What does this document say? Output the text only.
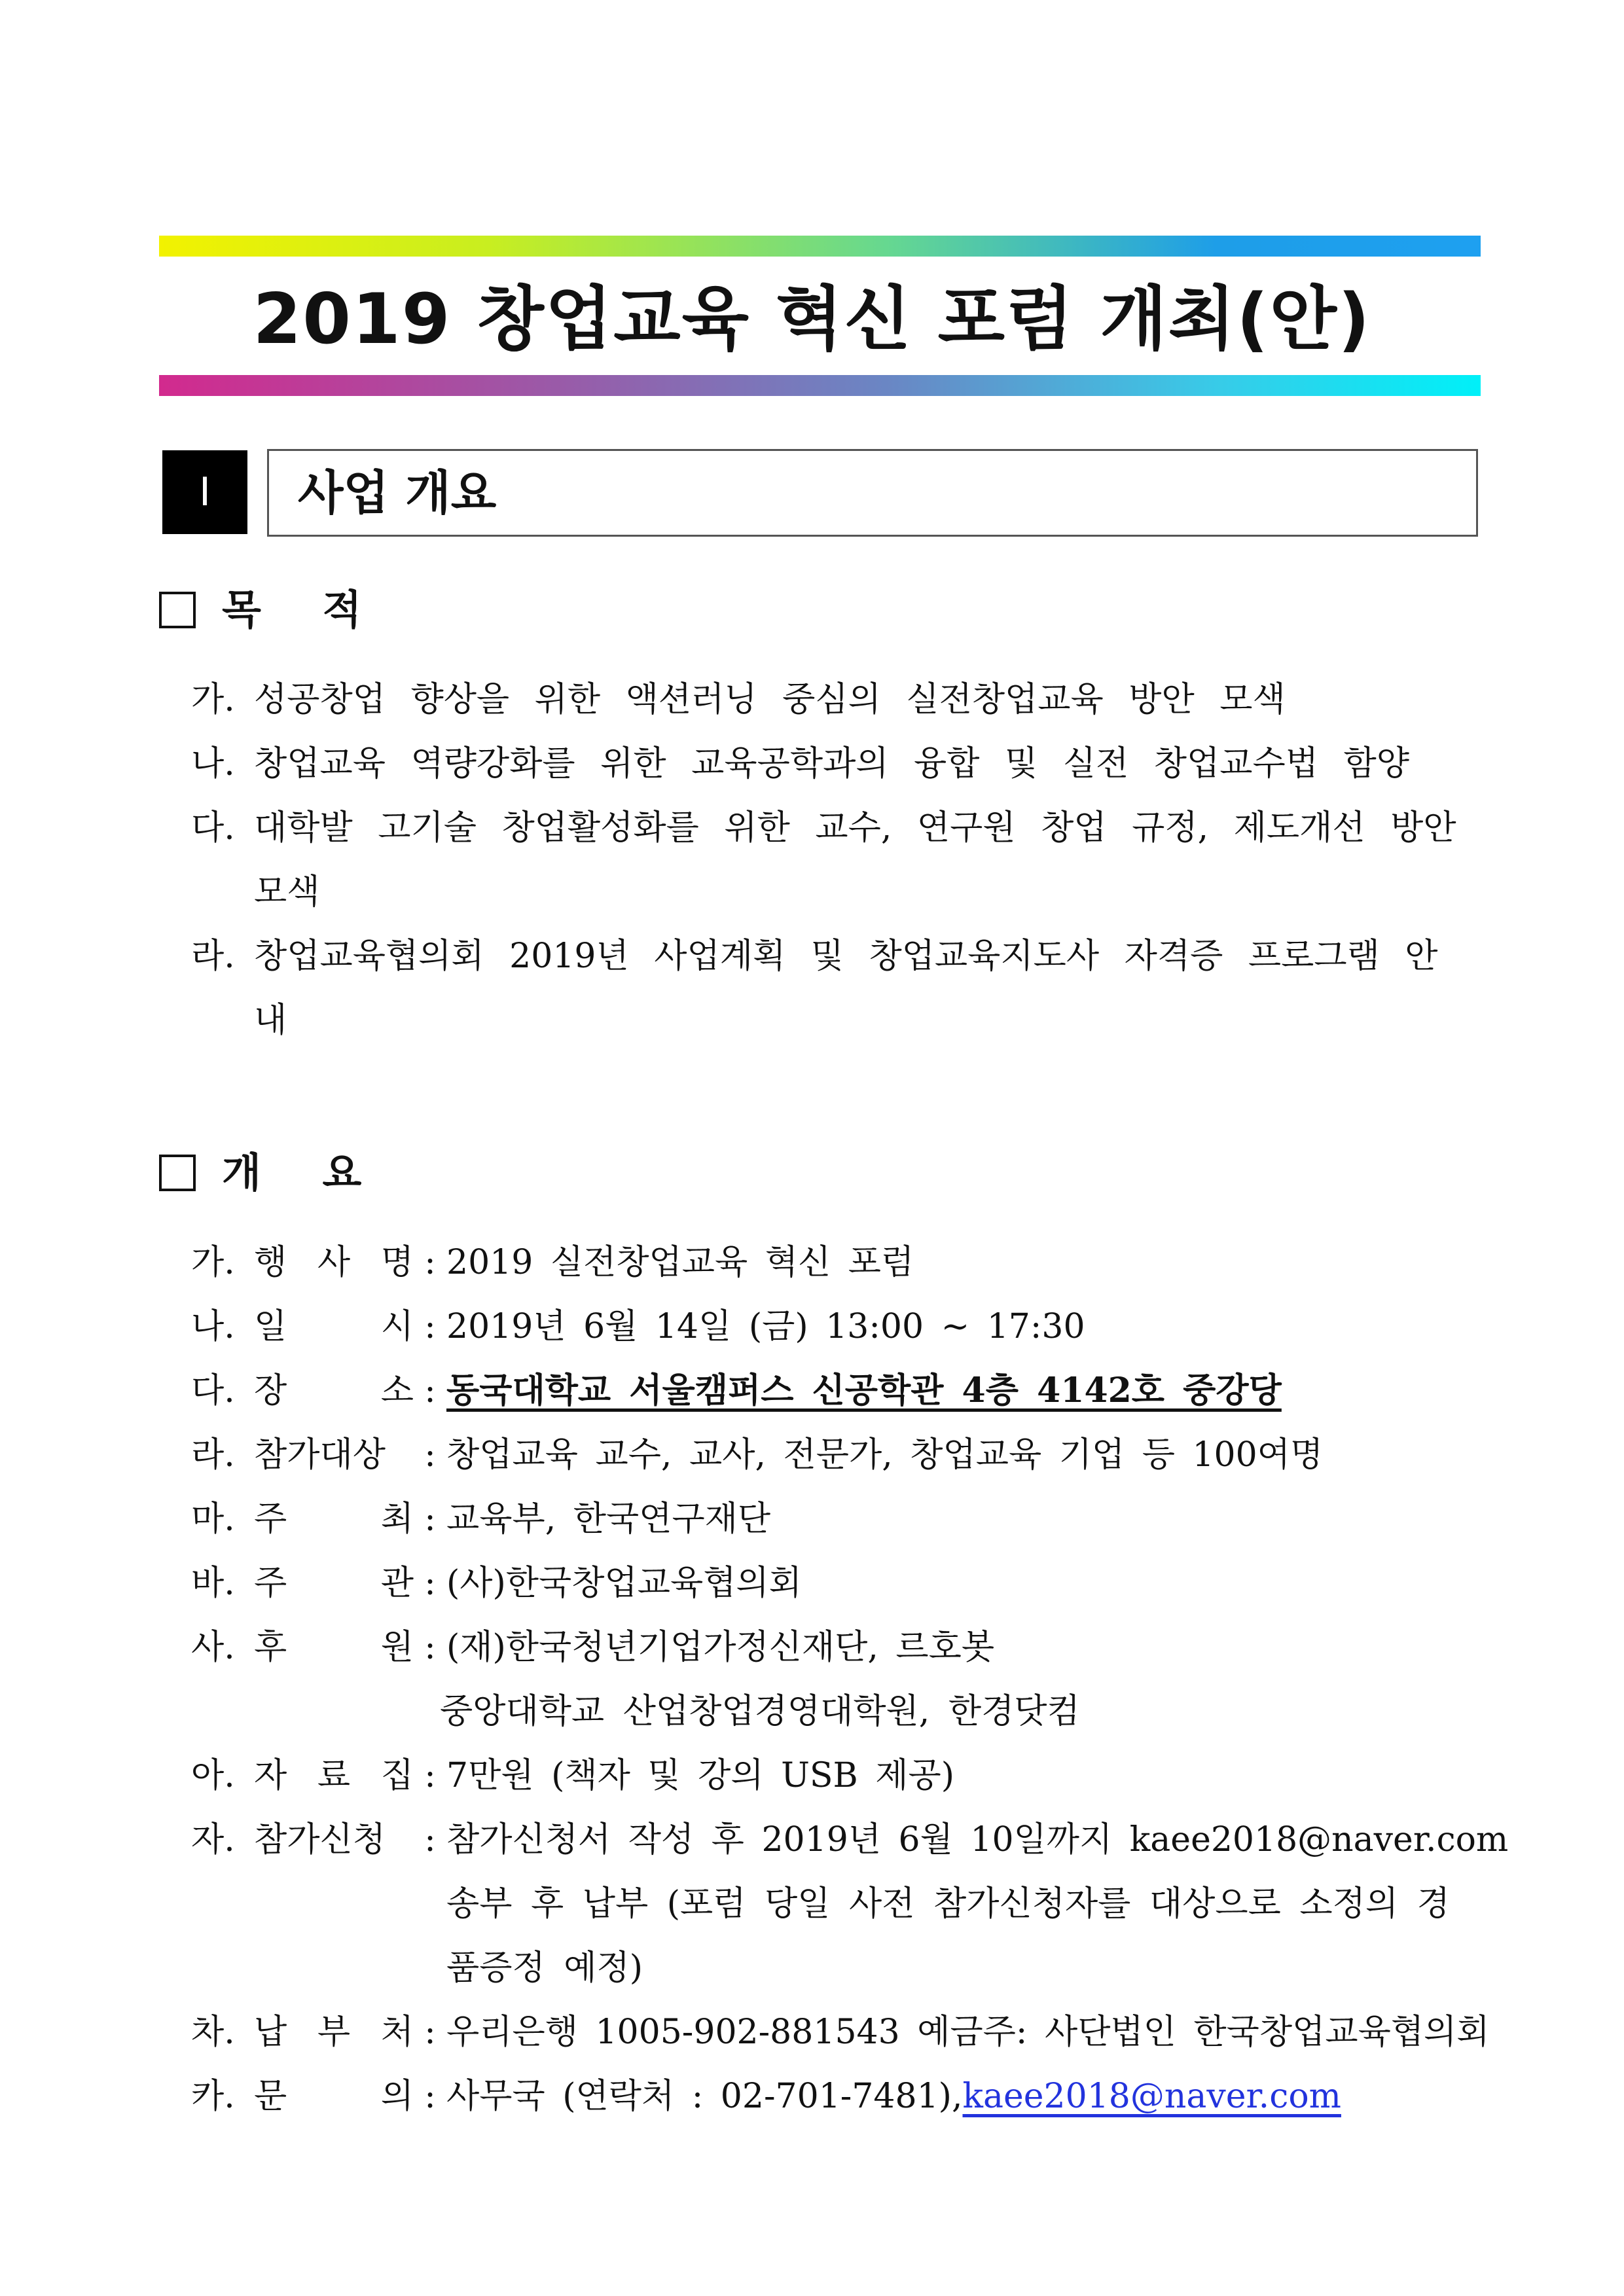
2019 창업교육 혁신 포럼 개최(안)
Ⅰ	사업 개요
목 적
가. 성공창업 향상을 위한 액션러닝 중심의 실전창업교육 방안 모색
나. 창업교육 역량강화를 위한 교육공학과의 융합 및 실전 창업교수법 함양
다. 대학발 고기술 창업활성화를 위한 교수, 연구원 창업 규정, 제도개선 방안
모색
라. 창업교육협의회 2019년 사업계획 및 창업교육지도사 자격증 프로그램 안
내
개 요
가. 행 사 명 : 2019 실전창업교육 혁신 포럼
나. 일	시 : 2019년 6월 14일 (금) 13:00 ~ 17:30
다. 장	소 : 동국대학교 서울캠퍼스 신공학관 4층 4142호 중강당
라. 참가대상	: 창업교육 교수, 교사, 전문가, 창업교육 기업 등 100여명
마. 주	최 : 교육부, 한국연구재단
바. 주	관 : (사)한국창업교육협의회
사. 후	원 : (재)한국청년기업가정신재단, 르호봇
중앙대학교 산업창업경영대학원, 한경닷컴
아. 자 료 집 : 7만원 (책자 및 강의 USB 제공)
자. 참가신청	: 참가신청서 작성 후 2019년 6월 10일까지 kaee2018@naver.com
송부 후 납부 (포럼 당일 사전 참가신청자를 대상으로 소정의 경
품증정 예정)
차. 납 부 처 : 우리은행 1005-902-881543 예금주: 사단법인 한국창업교육협의회
카. 문	의 : 사무국 (연락처 : 02-701-7481), kaee2018@naver.com
